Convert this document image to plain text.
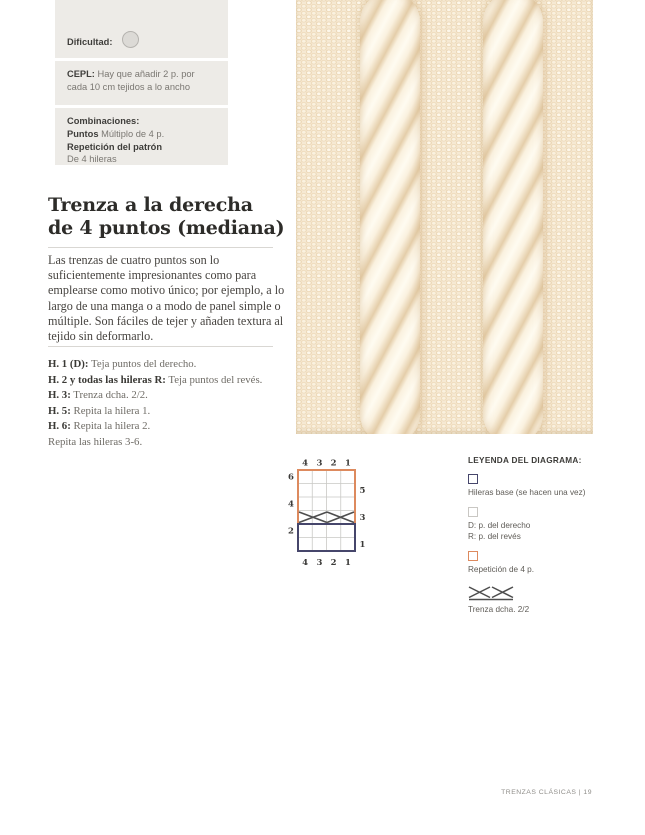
Dificultad:
CEPL: Hay que añadir 2 p. por cada 10 cm tejidos a lo ancho
Combinaciones:
Puntos Múltiplo de 4 p.
Repetición del patrón
De 4 hileras
Trenza a la derecha
de 4 puntos (mediana)
Las trenzas de cuatro puntos son lo suficientemente impresionantes como para emplearse como motivo único; por ejemplo, a lo largo de una manga o a modo de panel simple o múltiple. Son fáciles de tejer y añaden textura al tejido sin deformarlo.
H. 1 (D): Teja puntos del derecho.
H. 2 y todas las hileras R: Teja puntos del revés.
H. 3: Trenza dcha. 2/2.
H. 5: Repita la hilera 1.
H. 6: Repita la hilera 2.
Repita las hileras 3-6.
4 3 2 1
4 3 2 1
6
4
2
5
3
1
LEYENDA DEL DIAGRAMA:
Hileras base (se hacen una vez)
D: p. del derecho
R: p. del revés
Repetición de 4 p.
Trenza dcha. 2/2
TRENZAS CLÁSICAS | 19
